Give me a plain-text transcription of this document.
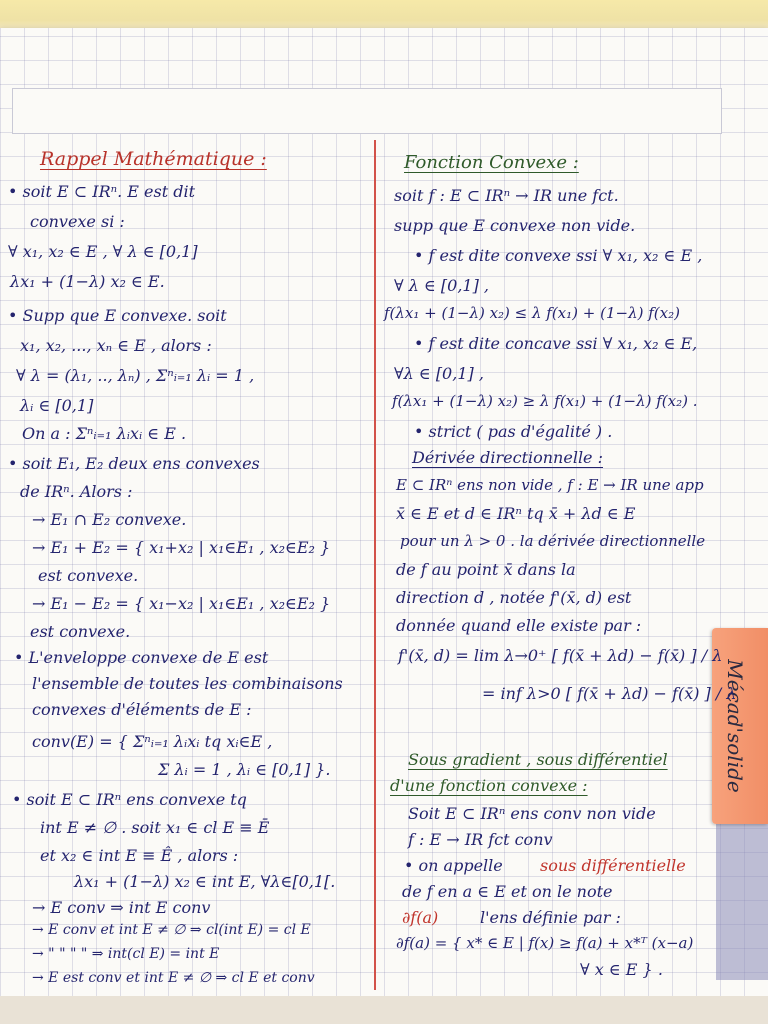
Mécad'solide
Rappel Mathématique :
• soit E ⊂ IRⁿ. E est dit
convexe si :
∀ x₁, x₂ ∈ E , ∀ λ ∈ [0,1]
λx₁ + (1−λ) x₂ ∈ E.
• Supp que E convexe. soit
x₁, x₂, ..., xₙ ∈ E , alors :
∀ λ = (λ₁, .., λₙ) , Σⁿᵢ₌₁ λᵢ = 1 ,
λᵢ ∈ [0,1]
On a : Σⁿᵢ₌₁ λᵢxᵢ ∈ E .
• soit E₁, E₂ deux ens convexes
de IRⁿ. Alors :
→ E₁ ∩ E₂ convexe.
→ E₁ + E₂ = { x₁+x₂ | x₁∈E₁ , x₂∈E₂ }
est convexe.
→ E₁ − E₂ = { x₁−x₂ | x₁∈E₁ , x₂∈E₂ }
est convexe.
• L'enveloppe convexe de E est
l'ensemble de toutes les combinaisons
convexes d'éléments de E :
conv(E) = { Σⁿᵢ₌₁ λᵢxᵢ tq xᵢ∈E ,
Σ λᵢ = 1 , λᵢ ∈ [0,1] }.
• soit E ⊂ IRⁿ ens convexe tq
int E ≠ ∅ . soit x₁ ∈ cl E ≡ Ē
et x₂ ∈ int E ≡ Ê , alors :
λx₁ + (1−λ) x₂ ∈ int E, ∀λ∈[0,1[.
→ E conv ⇒ int E conv
→ E conv et int E ≠ ∅ ⇒ cl(int E) = cl E
→ " " " " ⇒ int(cl E) = int E
→ E est conv et int E ≠ ∅ ⇒ cl E et conv
Fonction Convexe :
soit f : E ⊂ IRⁿ → IR une fct.
supp que E convexe non vide.
• f est dite convexe ssi ∀ x₁, x₂ ∈ E ,
∀ λ ∈ [0,1] ,
f(λx₁ + (1−λ) x₂) ≤ λ f(x₁) + (1−λ) f(x₂)
• f est dite concave ssi ∀ x₁, x₂ ∈ E,
∀λ ∈ [0,1] ,
f(λx₁ + (1−λ) x₂) ≥ λ f(x₁) + (1−λ) f(x₂) .
• strict ( pas d'égalité ) .
Dérivée directionnelle :
E ⊂ IRⁿ ens non vide , f : E → IR une app
x̄ ∈ E et d ∈ IRⁿ tq x̄ + λd ∈ E
pour un λ > 0 . la dérivée directionnelle
de f au point x̄ dans la
direction d , notée f'(x̄, d) est
donnée quand elle existe par :
f'(x̄, d) = lim λ→0⁺ [ f(x̄ + λd) − f(x̄) ] / λ
= inf λ>0 [ f(x̄ + λd) − f(x̄) ] / λ
Sous gradient , sous différentiel
d'une fonction convexe :
Soit E ⊂ IRⁿ ens conv non vide
f : E → IR fct conv
• on appelle sous différentielle
de f en a ∈ E et on le note
∂f(a)	l'ens définie par :
∂f(a) = { x* ∈ E | f(x) ≥ f(a) + x*ᵀ (x−a)
∀ x ∈ E } .
